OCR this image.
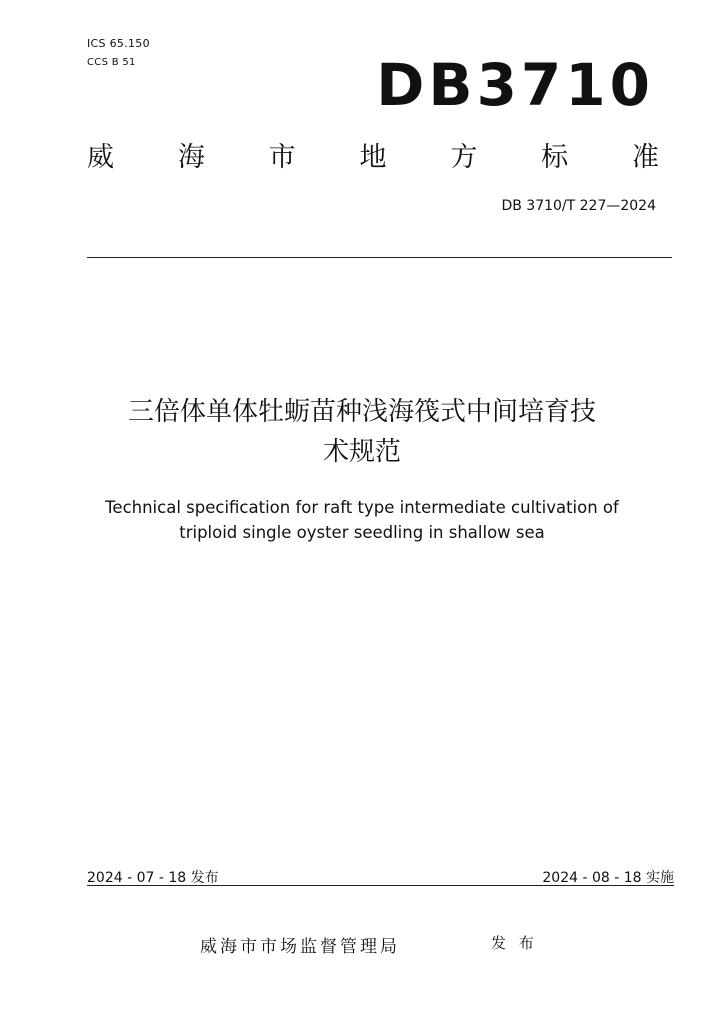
ICS 65.150
CCS B 51	DB3710
威 海 市 地 方 标 准
DB 3710/T 227—2024
三倍体单体牡蛎苗种浅海筏式中间培育技
术规范
Technical specification for raft type intermediate cultivation of
triploid single oyster seedling in shallow sea
2024 - 07 - 18 发布	2024 - 08 - 18 实施
威海市市场监督管理局	发 布
